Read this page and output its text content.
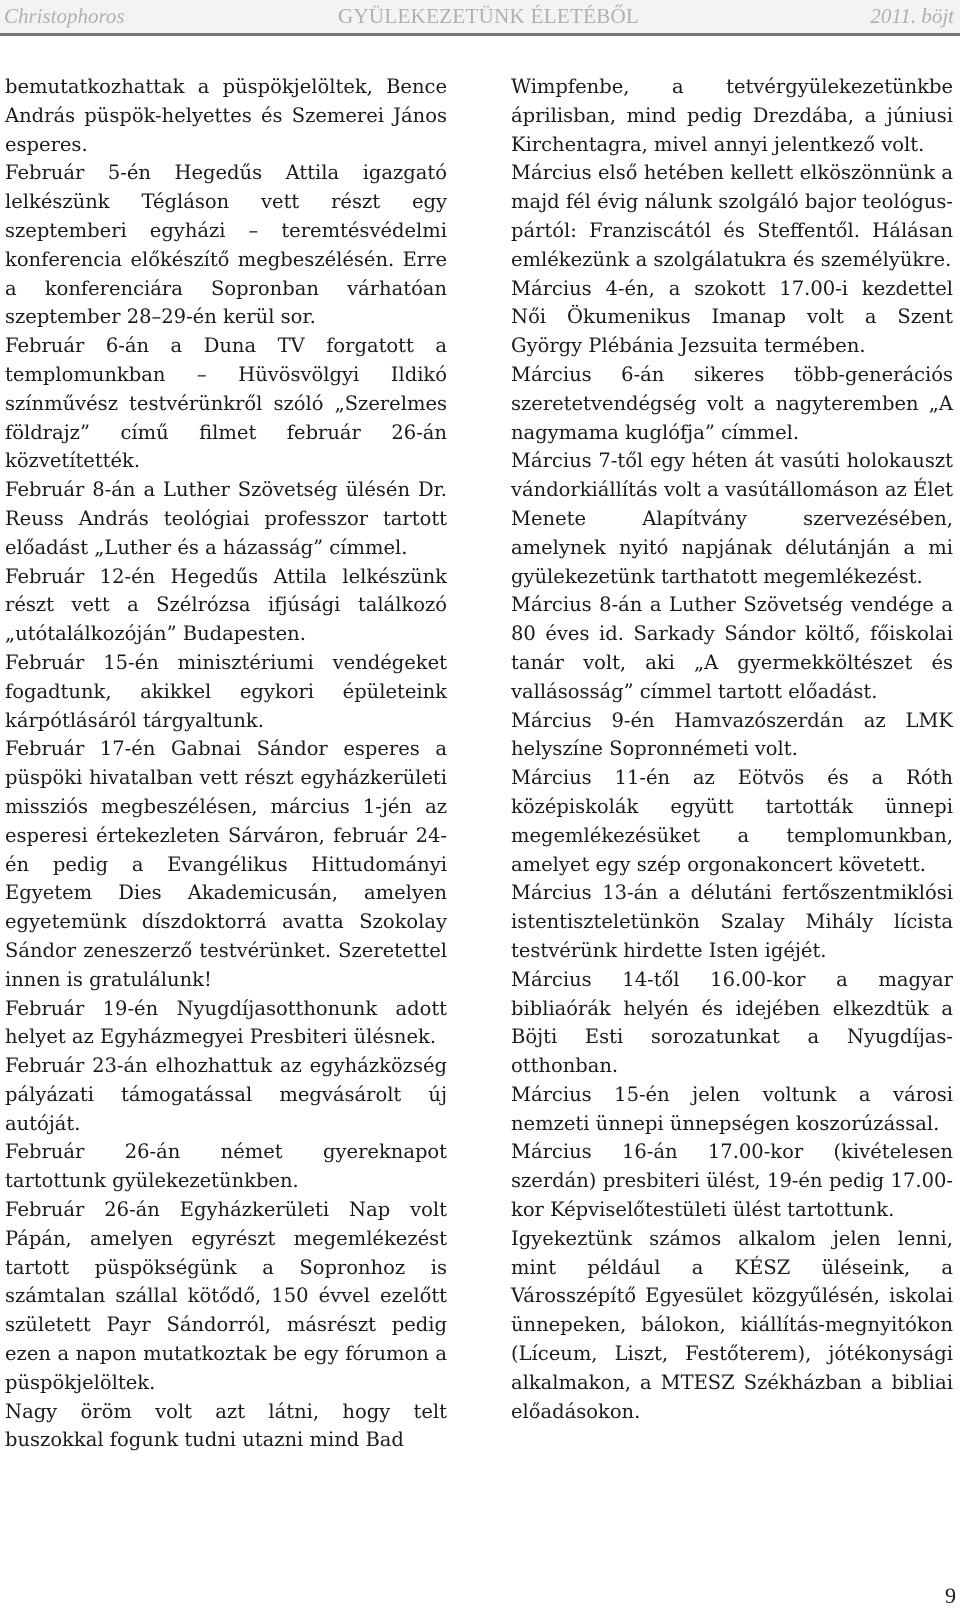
Christophoros	GYÜLEKEZETÜNK ÉLETÉBŐL	2011. böjt

bemutatkozhattak a püspökjelöltek, Bence András püspök-helyettes és Szemerei János esperes.

Február 5-én Hegedűs Attila igazgató lelkészünk Tégláson vett részt egy szeptemberi egyházi – teremtésvédelmi konferencia előkészítő megbeszélésén. Erre a konferenciára Sopronban várhatóan szeptember 28–29-én kerül sor.

Február 6-án a Duna TV forgatott a templomunkban – Hüvösvölgyi Ildikó színművész testvérünkről szóló „Szerelmes földrajz” című filmet február 26-án közvetítették.

Február 8-án a Luther Szövetség ülésén Dr. Reuss András teológiai professzor tartott előadást „Luther és a házasság” címmel.

Február 12-én Hegedűs Attila lelkészünk részt vett a Szélrózsa ifjúsági találkozó „utótalálkozóján” Budapesten.

Február 15-én minisztériumi vendégeket fogadtunk, akikkel egykori épületeink kárpótlásáról tárgyaltunk.

Február 17-én Gabnai Sándor esperes a püspöki hivatalban vett részt egyházkerületi missziós megbeszélésen, március 1-jén az esperesi értekezleten Sárváron, február 24-én pedig a Evangélikus Hittudományi Egyetem Dies Akademicusán, amelyen egyetemünk díszdoktorrá avatta Szokolay Sándor zeneszerző testvérünket. Szeretettel innen is gratulálunk!

Február 19-én Nyugdíjasotthonunk adott helyet az Egyházmegyei Presbiteri ülésnek.

Február 23-án elhozhattuk az egyházközség pályázati támogatással megvásárolt új autóját.

Február 26-án német gyereknapot tartottunk gyülekezetünkben.

Február 26-án Egyházkerületi Nap volt Pápán, amelyen egyrészt megemlékezést tartott püspökségünk a Sopronhoz is számtalan szállal kötődő, 150 évvel ezelőtt született Payr Sándorról, másrészt pedig ezen a napon mutatkoztak be egy fórumon a püspökjelöltek.

Nagy öröm volt azt látni, hogy telt buszokkal fogunk tudni utazni mind Bad

Wimpfenbe, a tetvérgyülekezetünkbe áprilisban, mind pedig Drezdába, a júniusi Kirchentagra, mivel annyi jelentkező volt.

Március első hetében kellett elköszönnünk a majd fél évig nálunk szolgáló bajor teológus-pártól: Franziscától és Steffentől. Hálásan emlékezünk a szolgálatukra és személyükre.

Március 4-én, a szokott 17.00-i kezdettel Női Ökumenikus Imanap volt a Szent György Plébánia Jezsuita termében.

Március 6-án sikeres több-generációs szeretetvendégség volt a nagyteremben „A nagymama kuglófja” címmel.

Március 7-től egy héten át vasúti holokauszt vándorkiállítás volt a vasútállomáson az Élet Menete Alapítvány szervezésében, amelynek nyitó napjának délutánján a mi gyülekezetünk tarthatott megemlékezést.

Március 8-án a Luther Szövetség vendége a 80 éves id. Sarkady Sándor költő, főiskolai tanár volt, aki „A gyermekköltészet és vallásosság” címmel tartott előadást.

Március 9-én Hamvazószerdán az LMK helyszíne Sopronnémeti volt.

Március 11-én az Eötvös és a Róth középiskolák együtt tartották ünnepi megemlékezésüket a templomunkban, amelyet egy szép orgonakoncert követett.

Március 13-án a délutáni fertőszentmiklósi istentiszteletünkön Szalay Mihály lícista testvérünk hirdette Isten igéjét.

Március 14-től 16.00-kor a magyar bibliaórák helyén és idejében elkezdtük a Böjti Esti sorozatunkat a Nyugdíjas-otthonban.

Március 15-én jelen voltunk a városi nemzeti ünnepi ünnepségen koszorúzással.

Március 16-án 17.00-kor (kivételesen szerdán) presbiteri ülést, 19-én pedig 17.00-kor Képviselőtestületi ülést tartottunk.

Igyekeztünk számos alkalom jelen lenni, mint például a KÉSZ üléseink, a Városszépítő Egyesület közgyűlésén, iskolai ünnepeken, bálokon, kiállítás-megnyitókon (Líceum, Liszt, Festőterem), jótékonysági alkalmakon, a MTESZ Székházban a bibliai előadásokon.

9
